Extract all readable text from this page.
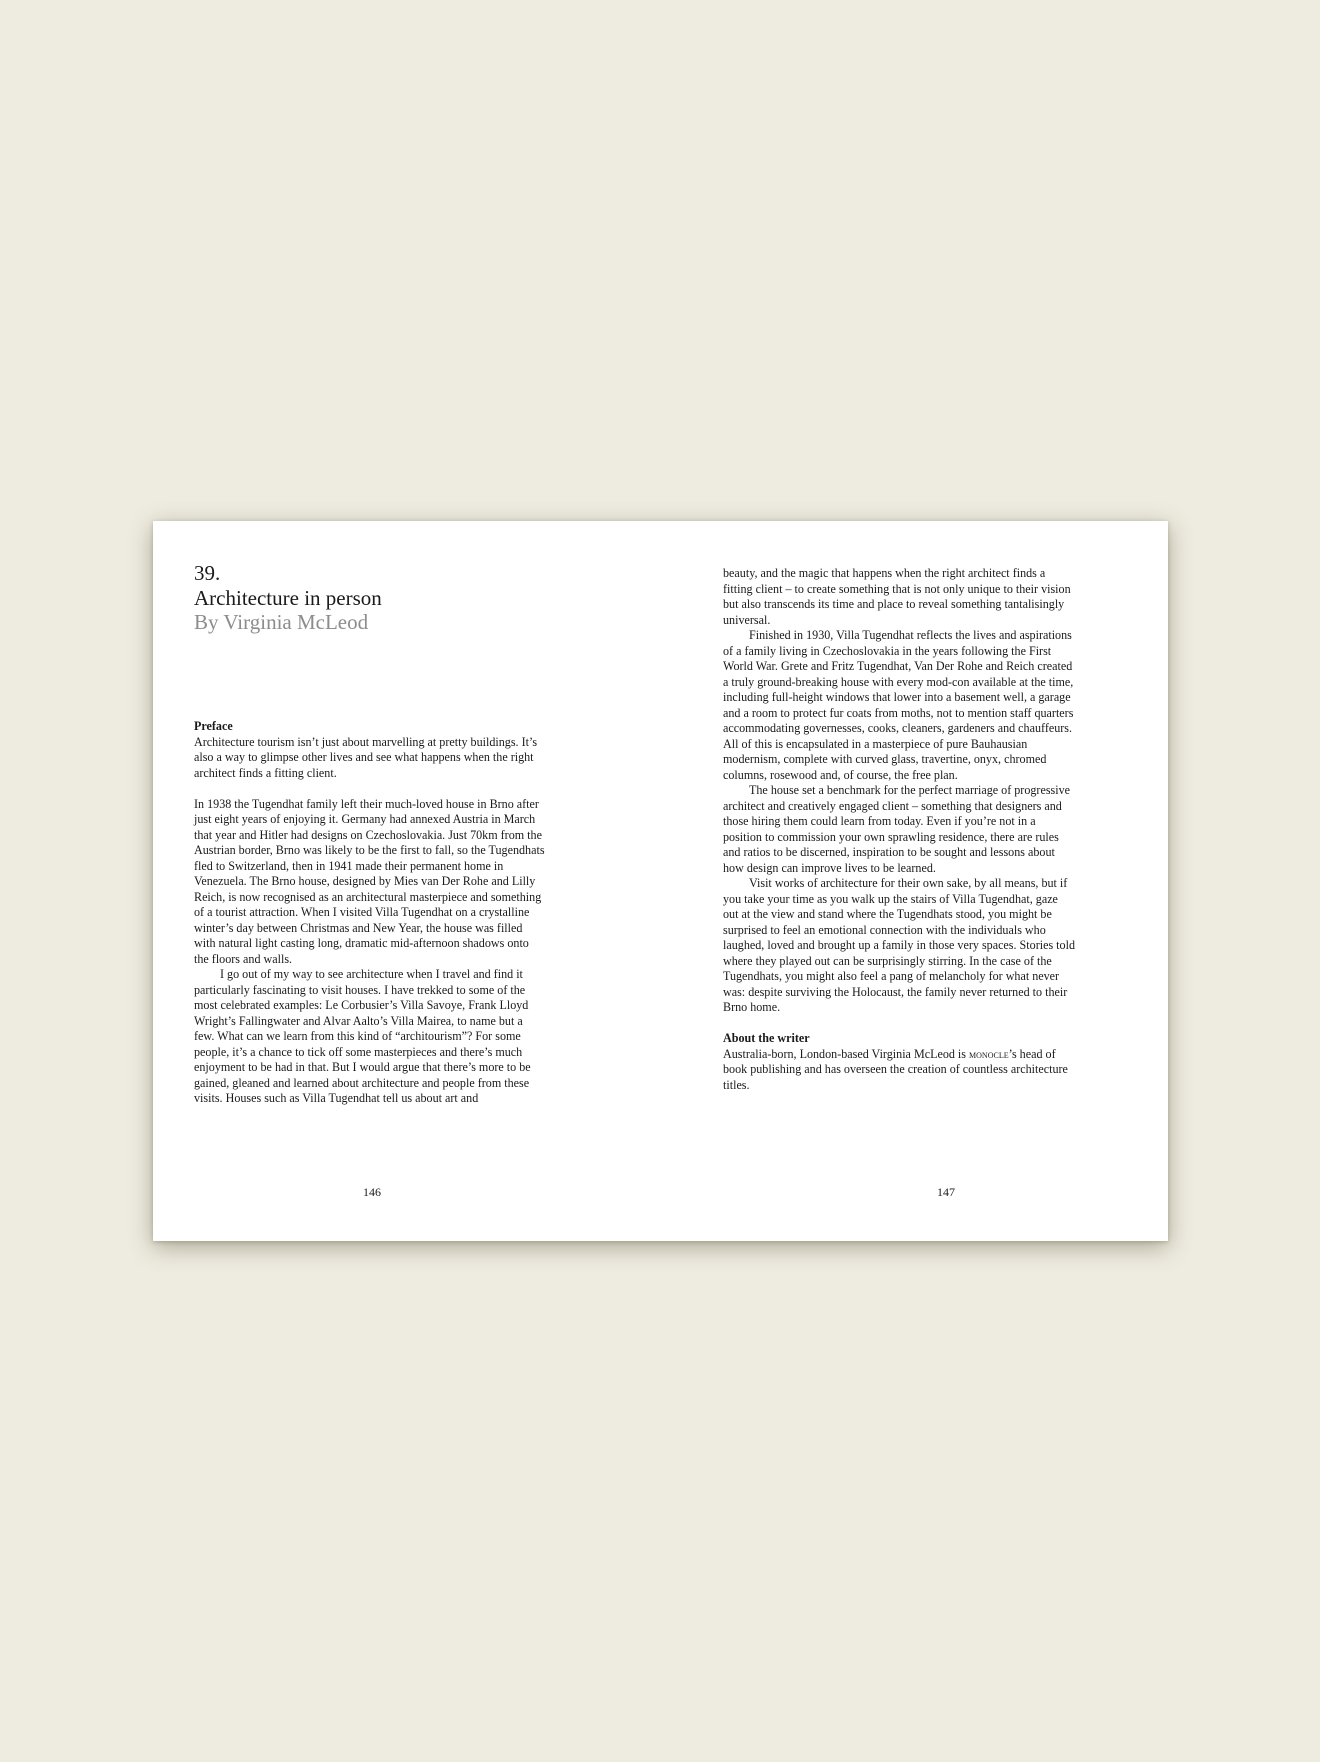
39.
Architecture in person
By Virginia McLeod

Preface

Architecture tourism isn’t just about marvelling at pretty buildings. It’s also a way to glimpse other lives and see what happens when the right architect finds a fitting client.

In 1938 the Tugendhat family left their much-loved house in Brno after just eight years of enjoying it. Germany had annexed Austria in March that year and Hitler had designs on Czechoslovakia. Just 70km from the Austrian border, Brno was likely to be the first to fall, so the Tugendhats fled to Switzerland, then in 1941 made their permanent home in Venezuela. The Brno house, designed by Mies van Der Rohe and Lilly Reich, is now recognised as an architectural masterpiece and something of a tourist attraction. When I visited Villa Tugendhat on a crystalline winter’s day between Christmas and New Year, the house was filled with natural light casting long, dramatic mid-afternoon shadows onto the floors and walls.

I go out of my way to see architecture when I travel and find it particularly fascinating to visit houses. I have trekked to some of the most celebrated examples: Le Corbusier’s Villa Savoye, Frank Lloyd Wright’s Fallingwater and Alvar Aalto’s Villa Mairea, to name but a few. What can we learn from this kind of “architourism”? For some people, it’s a chance to tick off some masterpieces and there’s much enjoyment to be had in that. But I would argue that there’s more to be gained, gleaned and learned about architecture and people from these visits. Houses such as Villa Tugendhat tell us about art and

146

beauty, and the magic that happens when the right architect finds a fitting client – to create something that is not only unique to their vision but also transcends its time and place to reveal something tantalisingly universal.

Finished in 1930, Villa Tugendhat reflects the lives and aspirations of a family living in Czechoslovakia in the years following the First World War. Grete and Fritz Tugendhat, Van Der Rohe and Reich created a truly ground-breaking house with every mod-con available at the time, including full-height windows that lower into a basement well, a garage and a room to protect fur coats from moths, not to mention staff quarters accommodating governesses, cooks, cleaners, gardeners and chauffeurs. All of this is encapsulated in a masterpiece of pure Bauhausian modernism, complete with curved glass, travertine, onyx, chromed columns, rosewood and, of course, the free plan.

The house set a benchmark for the perfect marriage of progressive architect and creatively engaged client – something that designers and those hiring them could learn from today. Even if you’re not in a position to commission your own sprawling residence, there are rules and ratios to be discerned, inspiration to be sought and lessons about how design can improve lives to be learned.

Visit works of architecture for their own sake, by all means, but if you take your time as you walk up the stairs of Villa Tugendhat, gaze out at the view and stand where the Tugendhats stood, you might be surprised to feel an emotional connection with the individuals who laughed, loved and brought up a family in those very spaces. Stories told where they played out can be surprisingly stirring. In the case of the Tugendhats, you might also feel a pang of melancholy for what never was: despite surviving the Holocaust, the family never returned to their Brno home.

About the writer

Australia-born, London-based Virginia McLeod is monocle’s head of book publishing and has overseen the creation of countless architecture titles.

147
